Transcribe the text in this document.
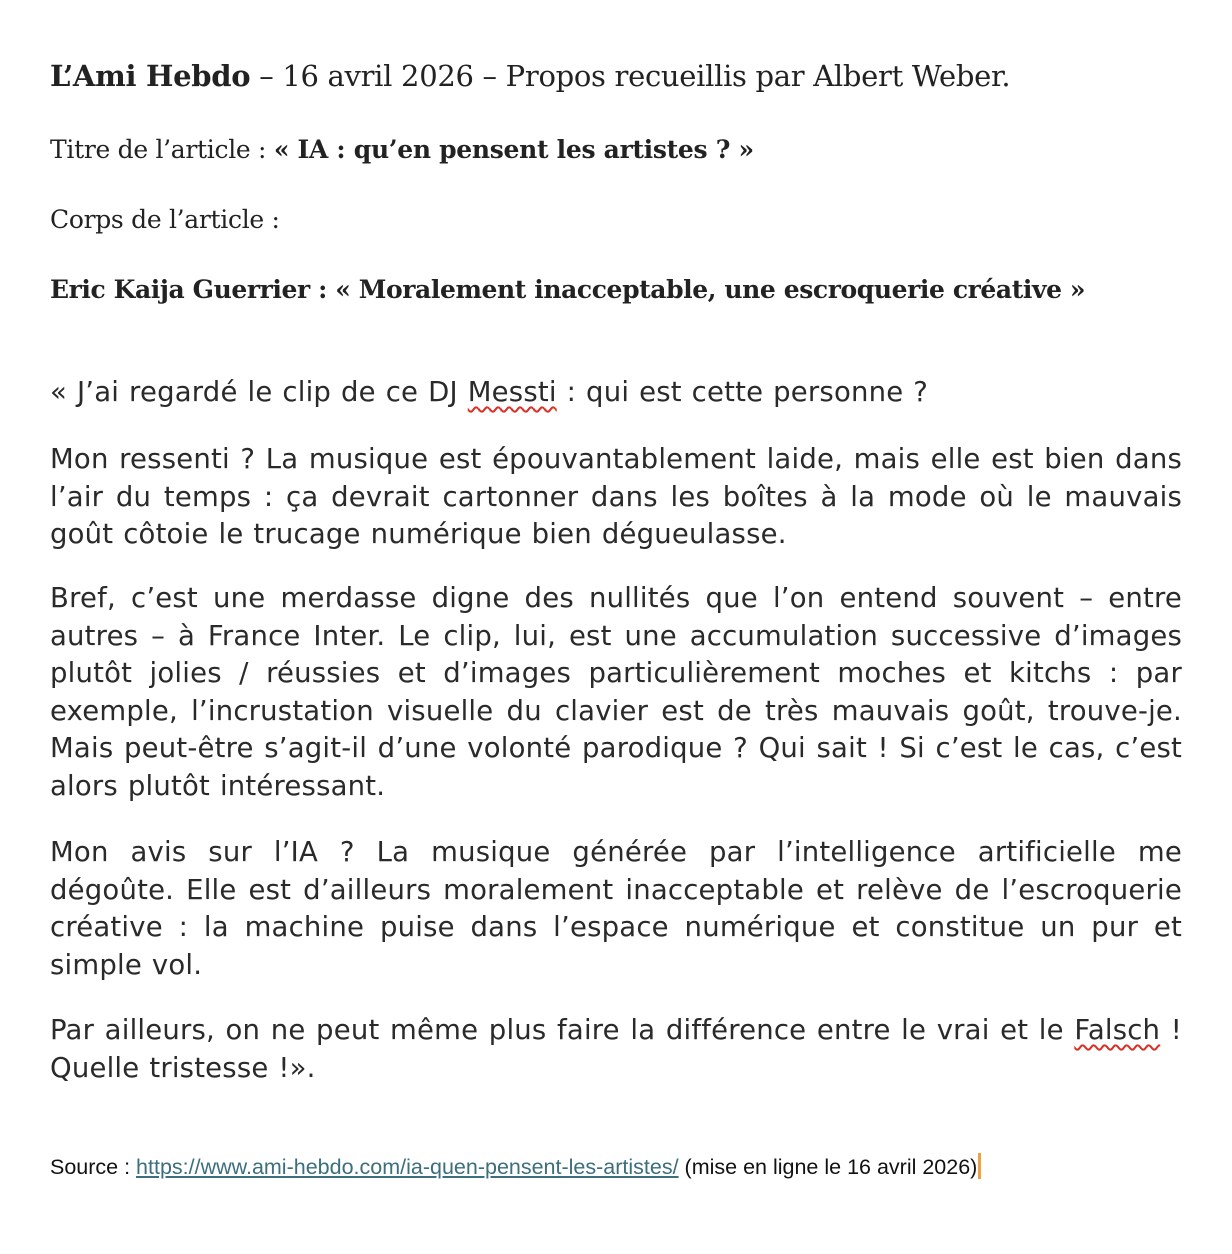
L’Ami Hebdo – 16 avril 2026 – Propos recueillis par Albert Weber.
Titre de l’article : « IA : qu’en pensent les artistes ? »
Corps de l’article :
Eric Kaija Guerrier : « Moralement inacceptable, une escroquerie créative »
« J’ai regardé le clip de ce DJ Messti : qui est cette personne ?
Mon ressenti ? La musique est épouvantablement laide, mais elle est bien dans l’air du temps : ça devrait cartonner dans les boîtes à la mode où le mauvais goût côtoie le trucage numérique bien dégueulasse.
Bref, c’est une merdasse digne des nullités que l’on entend souvent – entre autres – à France Inter. Le clip, lui, est une accumulation successive d’images plutôt jolies / réussies et d’images particulièrement moches et kitchs : par exemple, l’incrustation visuelle du clavier est de très mauvais goût, trouve-je. Mais peut-être s’agit-il d’une volonté parodique ? Qui sait ! Si c’est le cas, c’est alors plutôt intéressant.
Mon avis sur l’IA ? La musique générée par l’intelligence artificielle me dégoûte. Elle est d’ailleurs moralement inacceptable et relève de l’escroquerie créative : la machine puise dans l’espace numérique et constitue un pur et simple vol.
Par ailleurs, on ne peut même plus faire la différence entre le vrai et le Falsch ! Quelle tristesse !».
Source : https://www.ami-hebdo.com/ia-quen-pensent-les-artistes/ (mise en ligne le 16 avril 2026)
